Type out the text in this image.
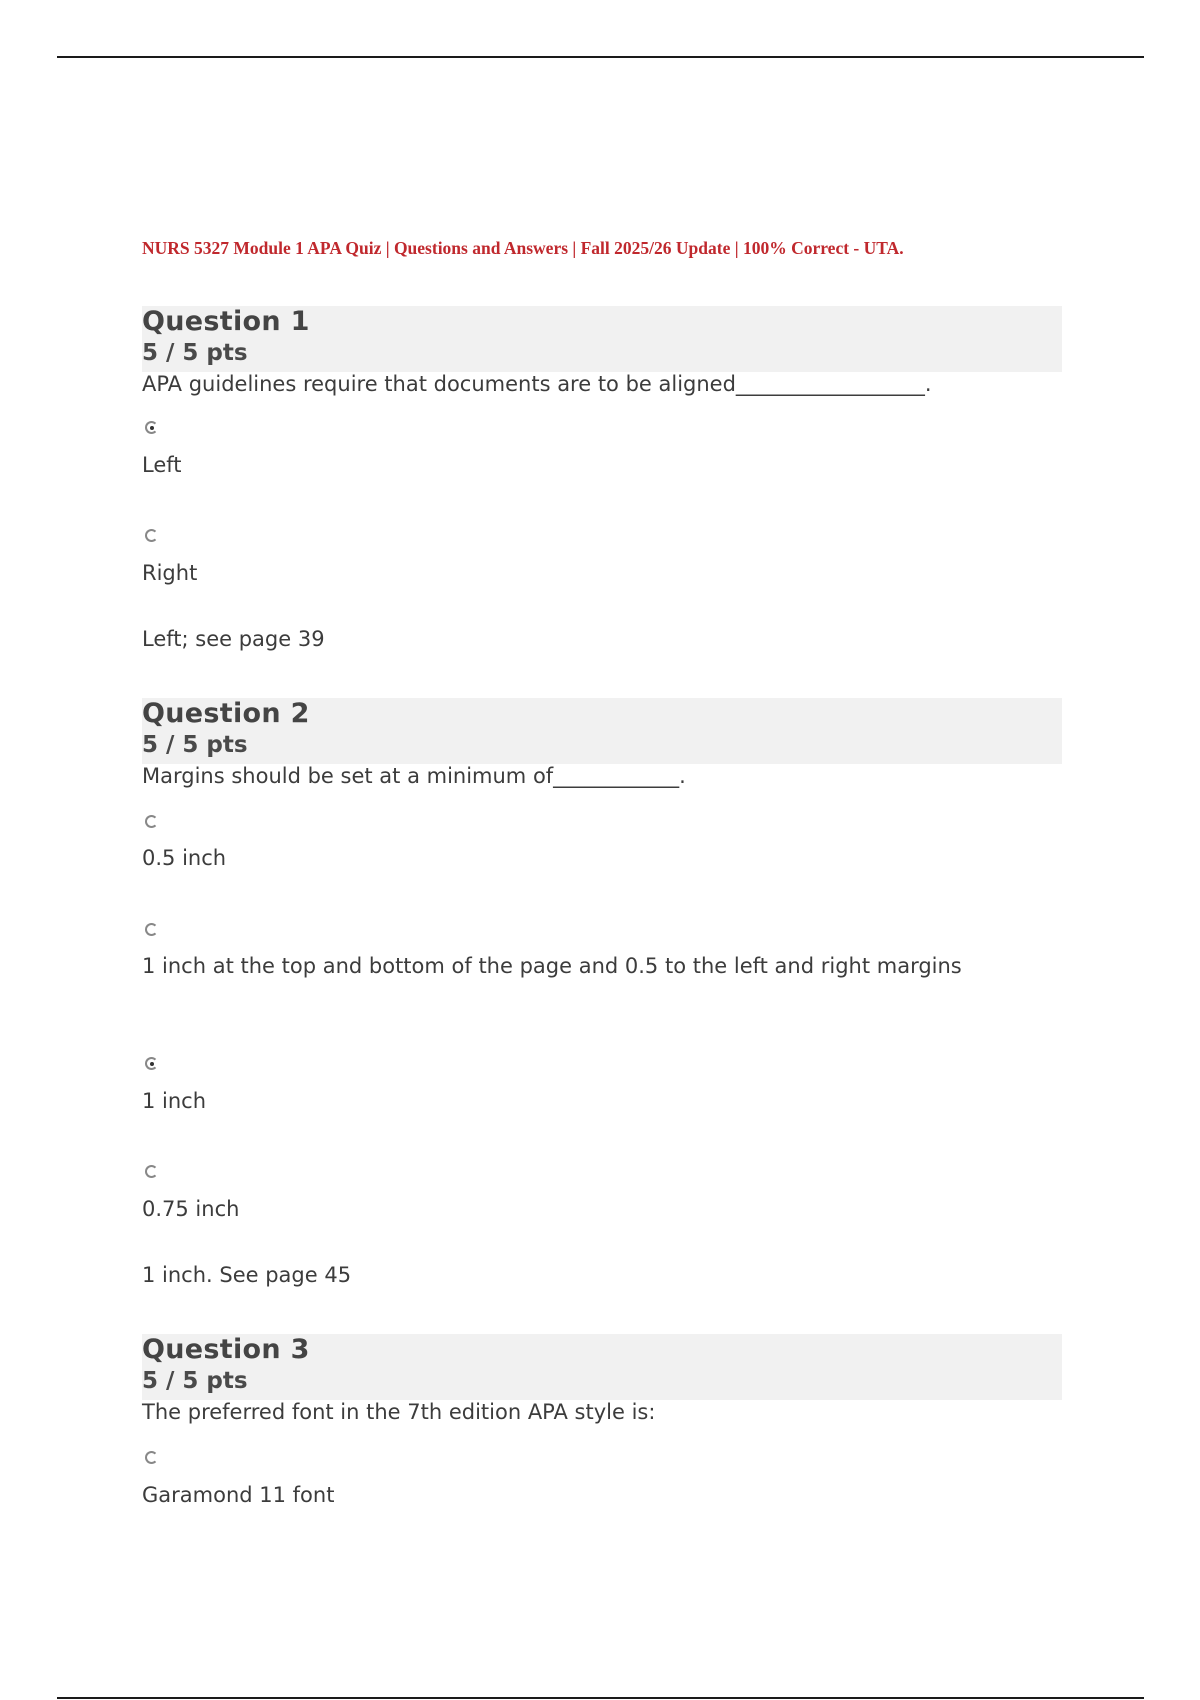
NURS 5327 Module 1 APA Quiz | Questions and Answers | Fall 2025/26 Update | 100% Correct - UTA.
Question 1
5 / 5 pts
APA guidelines require that documents are to be aligned__________________.
Left
Right
Left; see page 39
Question 2
5 / 5 pts
Margins should be set at a minimum of____________.
0.5 inch
1 inch at the top and bottom of the page and 0.5 to the left and right margins
1 inch
0.75 inch
1 inch. See page 45
Question 3
5 / 5 pts
The preferred font in the 7th edition APA style is:
Garamond 11 font
